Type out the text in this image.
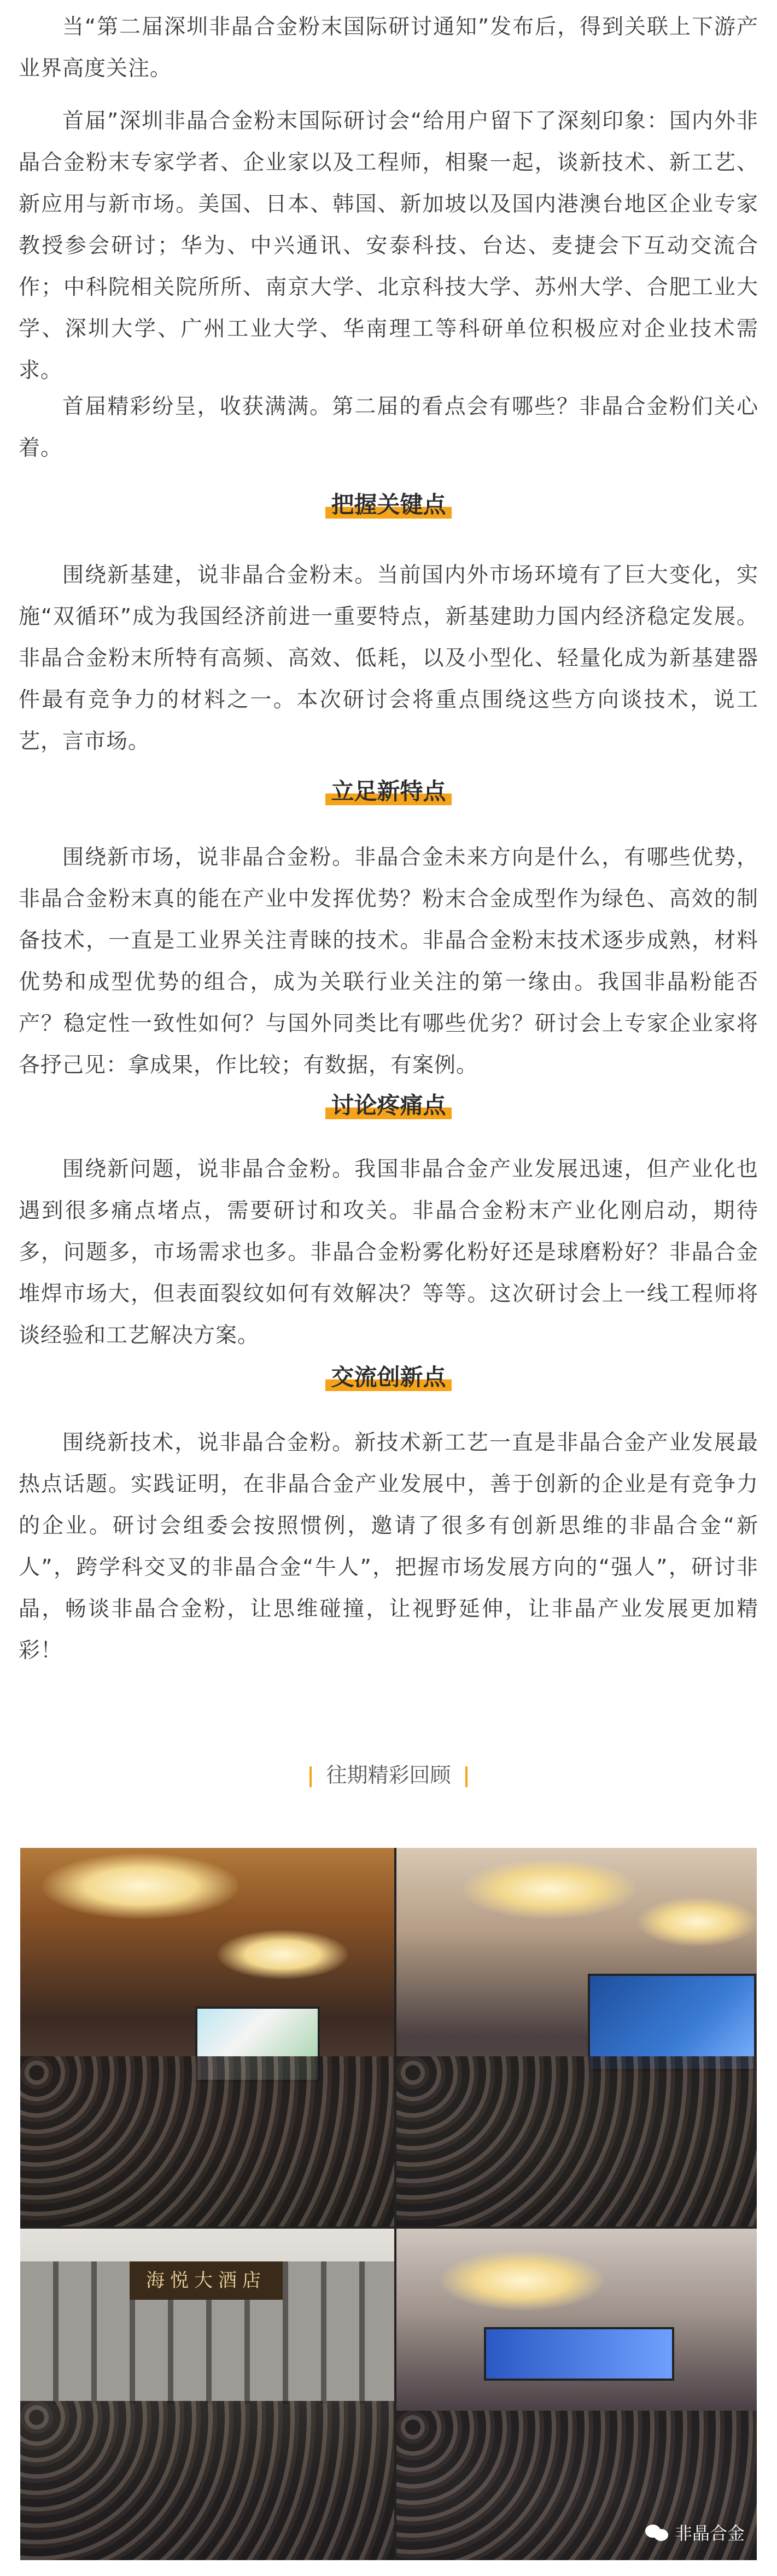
当“第二届深圳非晶合金粉末国际研讨通知”发布后，得到关联上下游产业界高度关注。

首届”深圳非晶合金粉末国际研讨会“给用户留下了深刻印象：国内外非晶合金粉末专家学者、企业家以及工程师，相聚一起，谈新技术、新工艺、新应用与新市场。美国、日本、韩国、新加坡以及国内港澳台地区企业专家教授参会研讨；华为、中兴通讯、安泰科技、台达、麦捷会下互动交流合作；中科院相关院所所、南京大学、北京科技大学、苏州大学、合肥工业大学、深圳大学、广州工业大学、华南理工等科研单位积极应对企业技术需求。

首届精彩纷呈，收获满满。第二届的看点会有哪些？非晶合金粉们关心着。

把握关键点

围绕新基建，说非晶合金粉末。当前国内外市场环境有了巨大变化，实施“双循环”成为我国经济前进一重要特点，新基建助力国内经济稳定发展。非晶合金粉末所特有高频、高效、低耗，以及小型化、轻量化成为新基建器件最有竞争力的材料之一。本次研讨会将重点围绕这些方向谈技术，说工艺，言市场。

立足新特点

围绕新市场，说非晶合金粉。非晶合金未来方向是什么，有哪些优势，非晶合金粉末真的能在产业中发挥优势？粉末合金成型作为绿色、高效的制备技术，一直是工业界关注青睐的技术。非晶合金粉末技术逐步成熟，材料优势和成型优势的组合，成为关联行业关注的第一缘由。我国非晶粉能否产？稳定性一致性如何？与国外同类比有哪些优劣？研讨会上专家企业家将各抒己见：拿成果，作比较；有数据，有案例。

讨论疼痛点

围绕新问题，说非晶合金粉。我国非晶合金产业发展迅速，但产业化也遇到很多痛点堵点，需要研讨和攻关。非晶合金粉末产业化刚启动，期待多，问题多，市场需求也多。非晶合金粉雾化粉好还是球磨粉好？非晶合金堆焊市场大，但表面裂纹如何有效解决？等等。这次研讨会上一线工程师将谈经验和工艺解决方案。

交流创新点

围绕新技术，说非晶合金粉。新技术新工艺一直是非晶合金产业发展最热点话题。实践证明，在非晶合金产业发展中，善于创新的企业是有竞争力的企业。研讨会组委会按照惯例，邀请了很多有创新思维的非晶合金“新人”，跨学科交叉的非晶合金“牛人”，把握市场发展方向的“强人”，研讨非晶，畅谈非晶合金粉，让思维碰撞，让视野延伸，让非晶产业发展更加精彩！

往期精彩回顾
海悦大酒店
非晶合金
